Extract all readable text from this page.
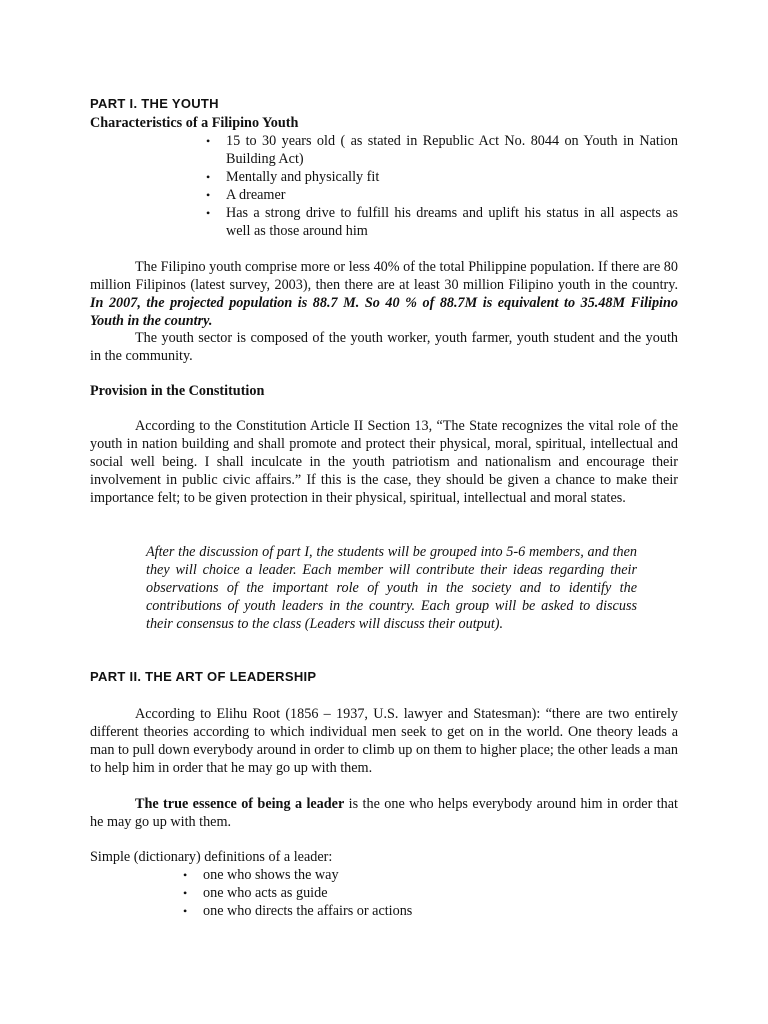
PART I. THE YOUTH
Characteristics of a Filipino Youth
• 15 to 30 years old ( as stated in Republic Act No. 8044 on Youth in Nation Building Act)
• Mentally and physically fit
• A dreamer
• Has a strong drive to fulfill his dreams and uplift his status in all aspects as well as those around him

The Filipino youth comprise more or less 40% of the total Philippine population. If there are 80 million Filipinos (latest survey, 2003), then there are at least 30 million Filipino youth in the country. In 2007, the projected population is 88.7 M. So 40 % of 88.7M is equivalent to 35.48M Filipino Youth in the country.

The youth sector is composed of the youth worker, youth farmer, youth student and the youth in the community.

Provision in the Constitution

According to the Constitution Article II Section 13, “The State recognizes the vital role of the youth in nation building and shall promote and protect their physical, moral, spiritual, intellectual and social well being. I shall inculcate in the youth patriotism and nationalism and encourage their involvement in public civic affairs.” If this is the case, they should be given a chance to make their importance felt; to be given protection in their physical, spiritual, intellectual and moral states.

After the discussion of part I, the students will be grouped into 5-6 members, and then they will choice a leader. Each member will contribute their ideas regarding their observations of the important role of youth in the society and to identify the contributions of youth leaders in the country. Each group will be asked to discuss their consensus to the class (Leaders will discuss their output).

PART II. THE ART OF LEADERSHIP

According to Elihu Root (1856 – 1937, U.S. lawyer and Statesman): “there are two entirely different theories according to which individual men seek to get on in the world. One theory leads a man to pull down everybody around in order to climb up on them to higher place; the other leads a man to help him in order that he may go up with them.

The true essence of being a leader is the one who helps everybody around him in order that he may go up with them.

Simple (dictionary) definitions of a leader:
• one who shows the way
• one who acts as guide
• one who directs the affairs or actions
